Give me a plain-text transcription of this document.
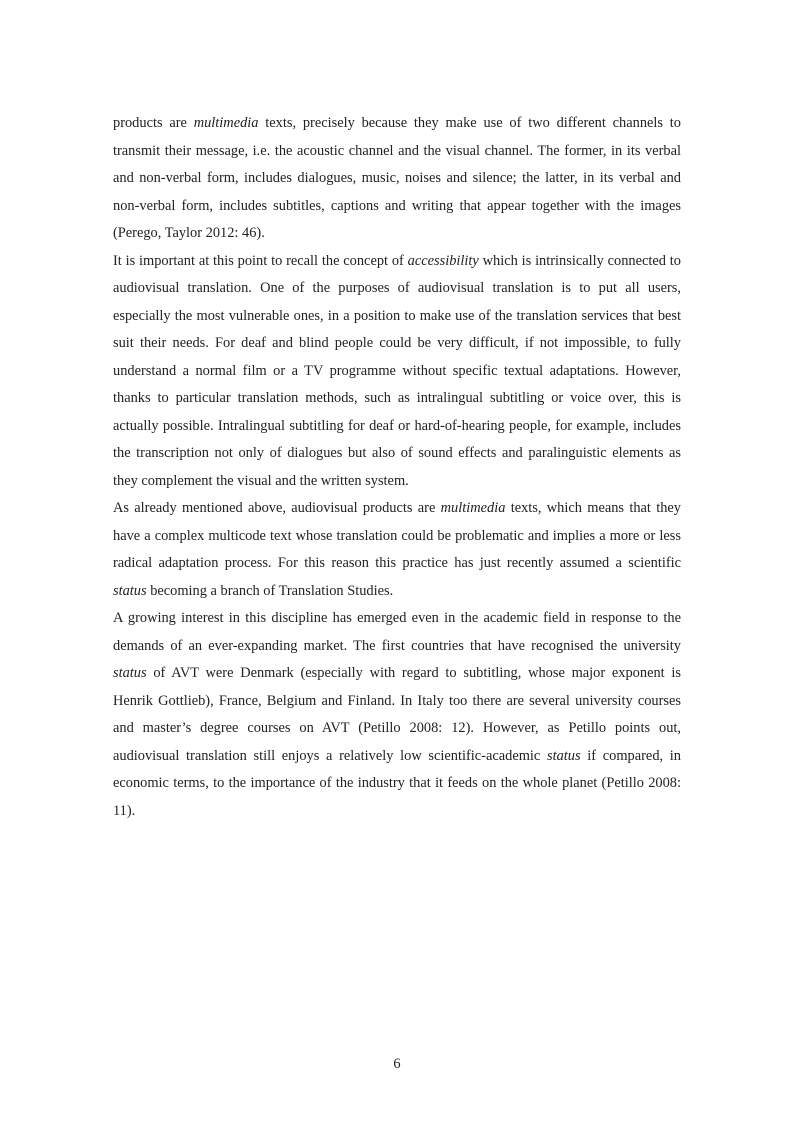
products are multimedia texts, precisely because they make use of two different channels to transmit their message, i.e. the acoustic channel and the visual channel. The former, in its verbal and non-verbal form, includes dialogues, music, noises and silence; the latter, in its verbal and non-verbal form, includes subtitles, captions and writing that appear together with the images (Perego, Taylor 2012: 46).

It is important at this point to recall the concept of accessibility which is intrinsically connected to audiovisual translation. One of the purposes of audiovisual translation is to put all users, especially the most vulnerable ones, in a position to make use of the translation services that best suit their needs. For deaf and blind people could be very difficult, if not impossible, to fully understand a normal film or a TV programme without specific textual adaptations. However, thanks to particular translation methods, such as intralingual subtitling or voice over, this is actually possible. Intralingual subtitling for deaf or hard-of-hearing people, for example, includes the transcription not only of dialogues but also of sound effects and paralinguistic elements as they complement the visual and the written system.

As already mentioned above, audiovisual products are multimedia texts, which means that they have a complex multicode text whose translation could be problematic and implies a more or less radical adaptation process. For this reason this practice has just recently assumed a scientific status becoming a branch of Translation Studies.

A growing interest in this discipline has emerged even in the academic field in response to the demands of an ever-expanding market. The first countries that have recognised the university status of AVT were Denmark (especially with regard to subtitling, whose major exponent is Henrik Gottlieb), France, Belgium and Finland. In Italy too there are several university courses and master’s degree courses on AVT (Petillo 2008: 12). However, as Petillo points out, audiovisual translation still enjoys a relatively low scientific-academic status if compared, in economic terms, to the importance of the industry that it feeds on the whole planet (Petillo 2008: 11).

6
